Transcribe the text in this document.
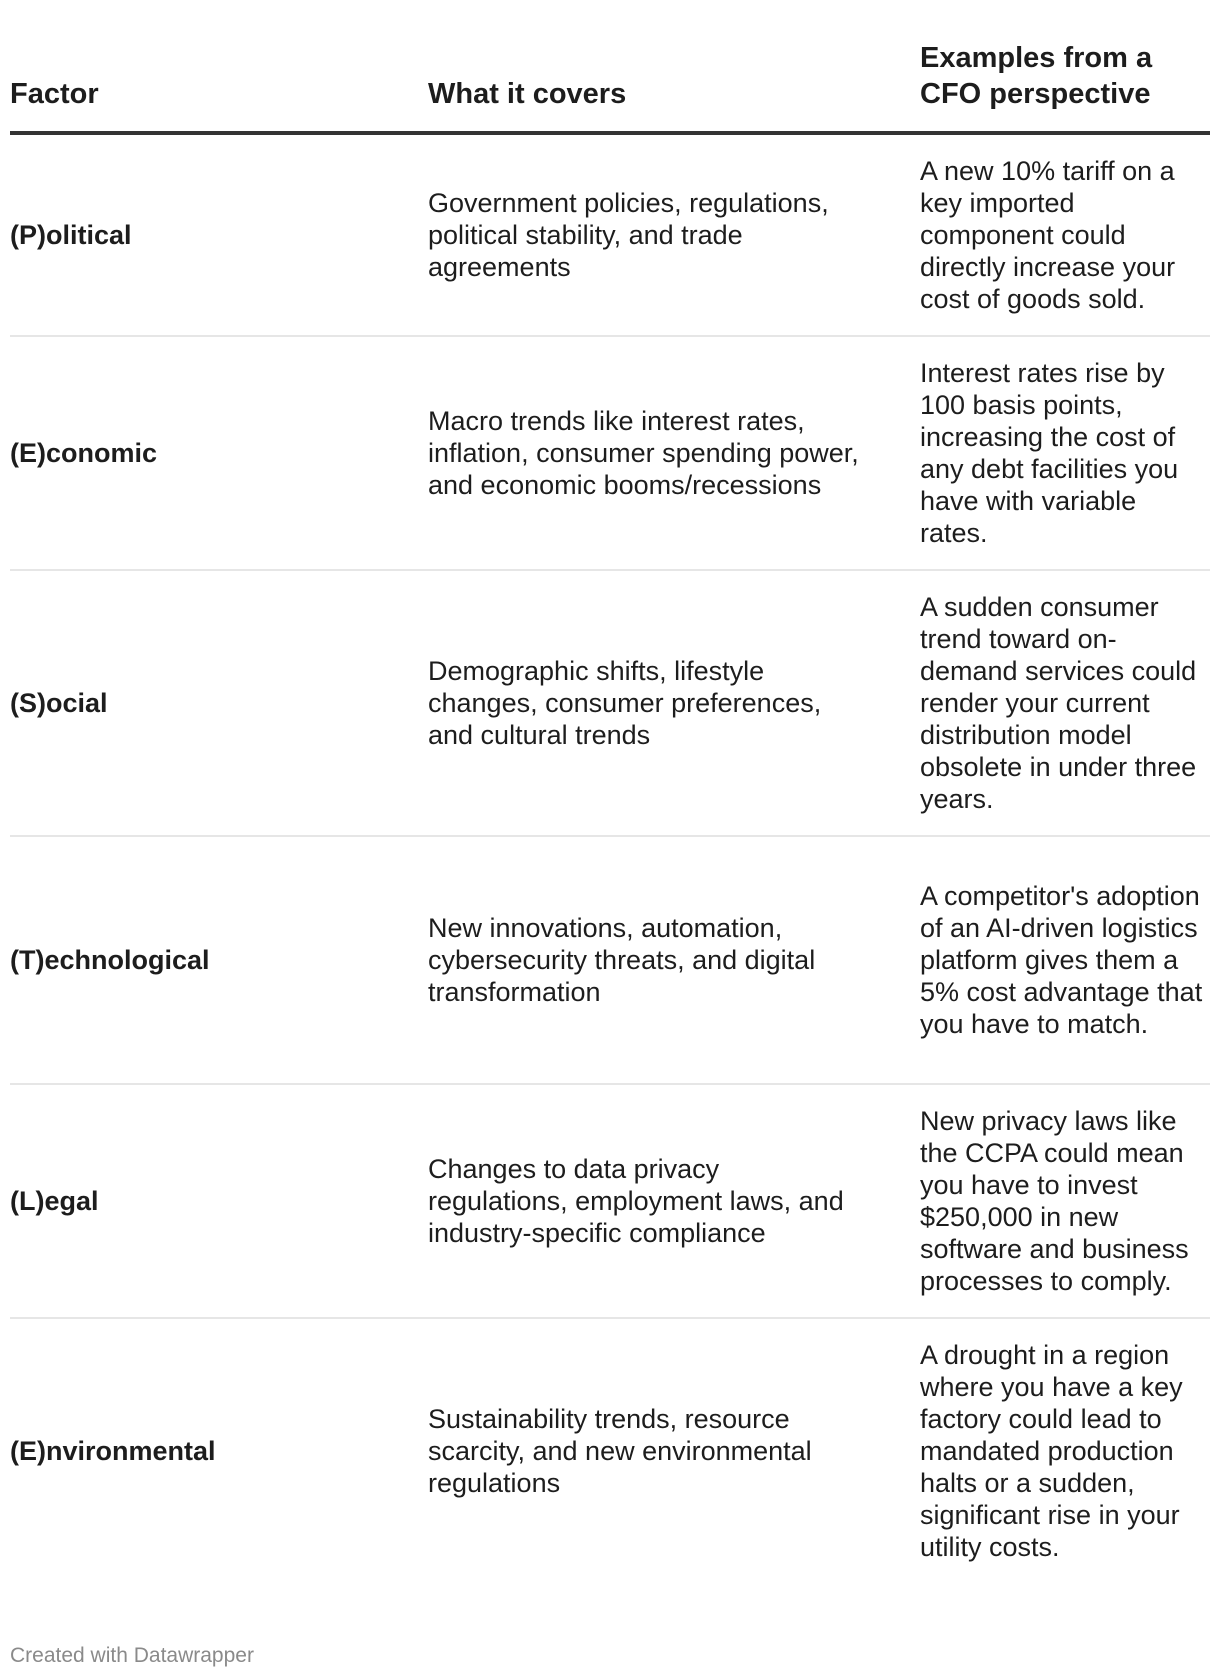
Factor	What it covers	Examples from a CFO perspective
(P)olitical	Government policies, regulations, political stability, and trade agreements	A new 10% tariff on a key imported component could directly increase your cost of goods sold.
(E)conomic	Macro trends like interest rates, inflation, consumer spending power, and economic booms/recessions	Interest rates rise by 100 basis points, increasing the cost of any debt facilities you have with variable rates.
(S)ocial	Demographic shifts, lifestyle changes, consumer preferences, and cultural trends	A sudden consumer trend toward on-demand services could render your current distribution model obsolete in under three years.
(T)echnological	New innovations, automation, cybersecurity threats, and digital transformation	A competitor's adoption of an AI-driven logistics platform gives them a 5% cost advantage that you have to match.
(L)egal	Changes to data privacy regulations, employment laws, and industry-specific compliance	New privacy laws like the CCPA could mean you have to invest $250,000 in new software and business processes to comply.
(E)nvironmental	Sustainability trends, resource scarcity, and new environmental regulations	A drought in a region where you have a key factory could lead to mandated production halts or a sudden, significant rise in your utility costs.
Created with Datawrapper
